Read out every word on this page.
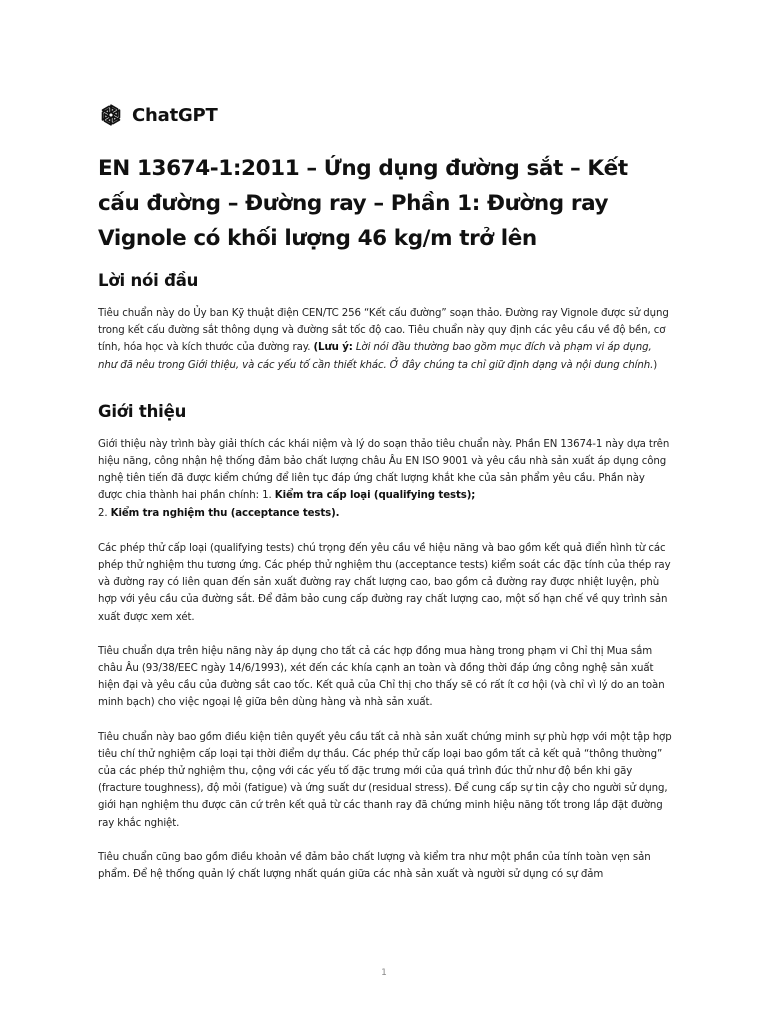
ChatGPT
EN 13674-1:2011 – Ứng dụng đường sắt – Kết cấu đường – Đường ray – Phần 1: Đường ray Vignole có khối lượng 46 kg/m trở lên
Lời nói đầu

Tiêu chuẩn này do Ủy ban Kỹ thuật điện CEN/TC 256 “Kết cấu đường” soạn thảo. Đường ray Vignole được sử dụng trong kết cấu đường sắt thông dụng và đường sắt tốc độ cao. Tiêu chuẩn này quy định các yêu cầu về độ bền, cơ tính, hóa học và kích thước của đường ray. (Lưu ý: Lời nói đầu thường bao gồm mục đích và phạm vi áp dụng, như đã nêu trong Giới thiệu, và các yếu tố cần thiết khác. Ở đây chúng ta chỉ giữ định dạng và nội dung chính.)

Giới thiệu

Giới thiệu này trình bày giải thích các khái niệm và lý do soạn thảo tiêu chuẩn này. Phần EN 13674-1 này dựa trên hiệu năng, công nhận hệ thống đảm bảo chất lượng châu Âu EN ISO 9001 và yêu cầu nhà sản xuất áp dụng công nghệ tiên tiến đã được kiểm chứng để liên tục đáp ứng chất lượng khắt khe của sản phẩm yêu cầu. Phần này được chia thành hai phần chính: 1. Kiểm tra cấp loại (qualifying tests);
2. Kiểm tra nghiệm thu (acceptance tests).

Các phép thử cấp loại (qualifying tests) chú trọng đến yêu cầu về hiệu năng và bao gồm kết quả điển hình từ các phép thử nghiệm thu tương ứng. Các phép thử nghiệm thu (acceptance tests) kiểm soát các đặc tính của thép ray và đường ray có liên quan đến sản xuất đường ray chất lượng cao, bao gồm cả đường ray được nhiệt luyện, phù hợp với yêu cầu của đường sắt. Để đảm bảo cung cấp đường ray chất lượng cao, một số hạn chế về quy trình sản xuất được xem xét.

Tiêu chuẩn dựa trên hiệu năng này áp dụng cho tất cả các hợp đồng mua hàng trong phạm vi Chỉ thị Mua sắm châu Âu (93/38/EEC ngày 14/6/1993), xét đến các khía cạnh an toàn và đồng thời đáp ứng công nghệ sản xuất hiện đại và yêu cầu của đường sắt cao tốc. Kết quả của Chỉ thị cho thấy sẽ có rất ít cơ hội (và chỉ vì lý do an toàn minh bạch) cho việc ngoại lệ giữa bên dùng hàng và nhà sản xuất.

Tiêu chuẩn này bao gồm điều kiện tiên quyết yêu cầu tất cả nhà sản xuất chứng minh sự phù hợp với một tập hợp tiêu chí thử nghiệm cấp loại tại thời điểm dự thầu. Các phép thử cấp loại bao gồm tất cả kết quả “thông thường” của các phép thử nghiệm thu, cộng với các yếu tố đặc trưng mới của quá trình đúc thử như độ bền khi gãy (fracture toughness), độ mỏi (fatigue) và ứng suất dư (residual stress). Để cung cấp sự tin cậy cho người sử dụng, giới hạn nghiệm thu được căn cứ trên kết quả từ các thanh ray đã chứng minh hiệu năng tốt trong lắp đặt đường ray khắc nghiệt.

Tiêu chuẩn cũng bao gồm điều khoản về đảm bảo chất lượng và kiểm tra như một phần của tính toàn vẹn sản phẩm. Để hệ thống quản lý chất lượng nhất quán giữa các nhà sản xuất và người sử dụng có sự đảm

1
